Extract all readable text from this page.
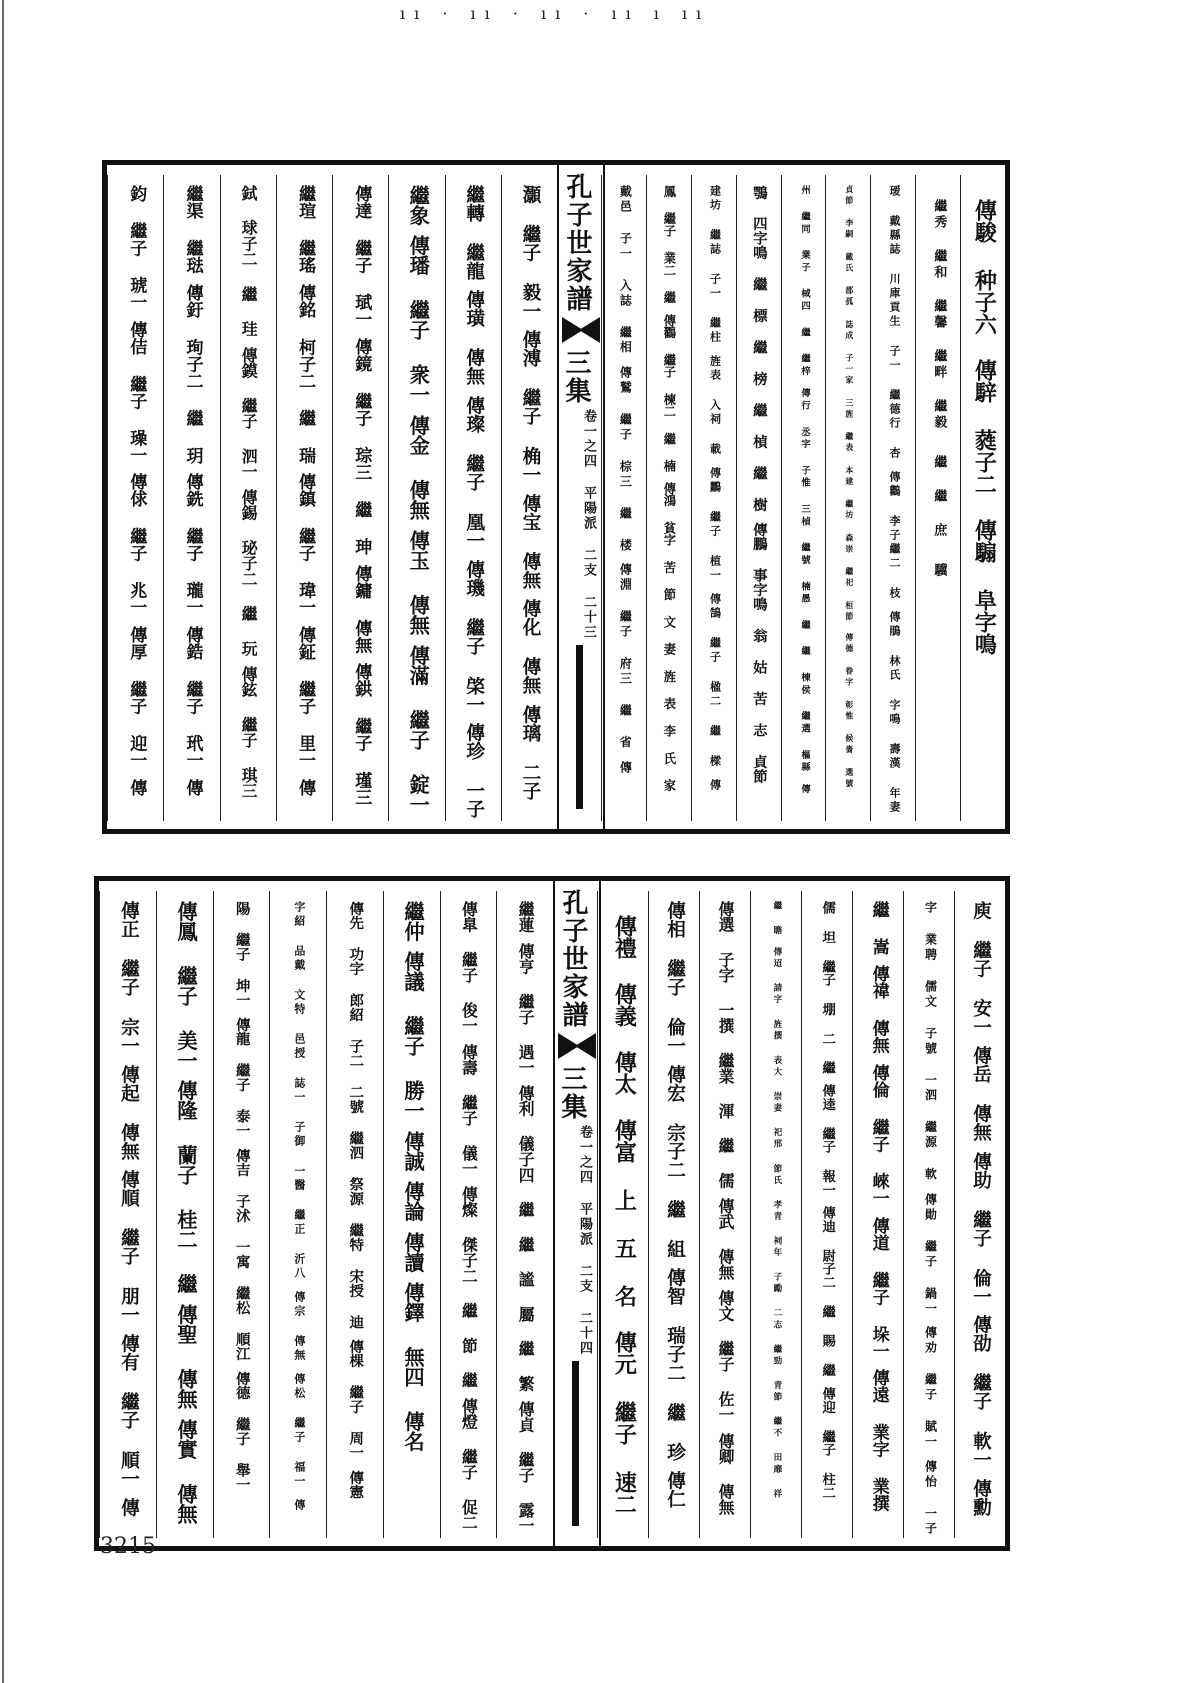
ıı · ıı · ıı · ıı ı ıı
孔子世家譜
三集
卷一之四 平陽派 二支 二十三
傳駿 种子六
傳騂 蕤子二
傳騸 阜字鳴
繼秀 繼和 繼馨 繼畔 繼毅
繼 繼 庶
驥
瑷 戴縣誌 川庫貢生 子一 繼德行 杏
傳鸛 李子繼二 枝
傳鵑 林氏 字鳴 壽漢 年妻
貞節 李嗣 戴氏 郡孤 誌成 子一家 三旌 繼表 本建 繼坊 森崇 繼祀 桓節
傳德 眷字 彰惟 候嗇 選號
州 繼同 業子 棫四 繼 繼梓
傳行 丞字 子惟 三楨 繼號 楠愚 繼 繼 棟侯 繼選 樞縣
傳
鶚 四字鳴 繼 標 繼 榜 繼 楨 繼 樹
傳鵬 事字鳴 翁 姑 苦 志 貞節
建坊 繼誌 子一 繼柱
旌表 入祠 載
傳鸝 繼子 植一
傳鵠 繼子 楹二 繼 樑
傳
鳳 繼子 業二 繼
傳鸐 繼子 楝二 繼 楠
傳鴻 貧字 苦 節 文 妻 旌 表 李 氏 家
戴邑 子一 入誌 繼相
傳鷲 繼子 棕三 繼 楼
傳淵 繼子 府三 繼 省
傳
灝 繼子 毅一
傳溥 繼子 桷一
傳宝 傳無
傳化 傳無
傳璃 二子
繼轉 繼龍
傳璜 傳無
傳璨 繼子 凰一
傳璣 繼子 棨一
傳珍 一子
繼象
傳璠 繼子 衆一
傳金 傳無
傳玉 傳無
傳滿 繼子 錠一
傳達 繼子 珷一
傳鏡 繼子 琮三 繼 珅
傳鏞 傳無
傳鉷 繼子 瑾三
繼瑄 繼瑤
傳銘 柯子二 繼 瑞
傳鎮 繼子 瑋一
傳鉦 繼子 里一
傳
鉽 球子二 繼 珪
傳鏌 繼子 泗一
傳錫 珌子二 繼 玩
傳鉉 繼子 琪三
繼渠 繼琺
傳釪 珣子二 繼 玥
傳銑 繼子 瓏一
傳鋯 繼子 玳一
傳
鈞 繼子 琥一
傳佶 繼子 璪一
傳俅 繼子 兆一
傳厚 繼子 迎一
傳
孔子世家譜
三集
卷一之四 平陽派 二支 二十四
庾 繼子 安一
傳岳 傳無
傳助 繼子 倫一
傳劭 繼子 軟一
傳勳
字 業聘 儒文 子號 一泗 繼源 軟
傳勛 繼子 鍋一
傳劝 繼子 賦一
傳怡 一子
繼 嵩
傳禕 傳無
傳倫 繼子 崍一
傳道 繼子 垛一
傳遠 業字 業撰
儒 坦 繼子 堋 二 繼
傳逵 繼子 報一
傳迪 尉子二 繼 賜 繼
傳迎 繼子 柱二
繼 瞻
傳迢 請字 旌撰 表大 崇妻 祀邢 節氏 孝青 祠年 子勵 二志 繼勁 青節 繼不 田靡 祥
傳選 子字 一撰 繼業 渾 繼 儒
傳武 傳無
傳文 繼子 佐一
傳卿 傳無
傳相 繼子 倫一
傳宏 宗子二 繼 組
傳智 瑞子二 繼 珍
傳仁
傳禮
傳義
傳太
傳富 上 五 名
傳元 繼子 速二
繼蓮
傳亨 繼子 遇一
傳利 儀子四 繼 繼 謐 屬 繼 繁
傳貞 繼子 露一
傳臯 繼子 俊一
傳壽 繼子 儀一
傳燦 傑子二 繼 節 繼
傳燈 繼子 促二
繼仲
傳議 繼子 勝一
傳誠
傳論
傳讀
傳鐸 無四 傳名
傳先 功字 郎紹 子二 二號 繼泗 祭源 繼特 宋授 迪
傳棵 繼子 周一
傳憲
字紹 品戴 文特 邑授 誌一 子御 一醫 繼正 沂八
傳宗 傳無
傳松 繼子 福一
傳
陽 繼子 坤一
傳龍 繼子 泰一
傳吉 子沭 一寓 繼松 順江
傳德 繼子 舉一
傳鳳 繼子 美一
傳隆 蘭子 桂二 繼
傳聖 傳無
傳實 傳無
傳正 繼子 宗一
傳起 傳無
傳順 繼子 朋一
傳有 繼子 順一
傳
3215
